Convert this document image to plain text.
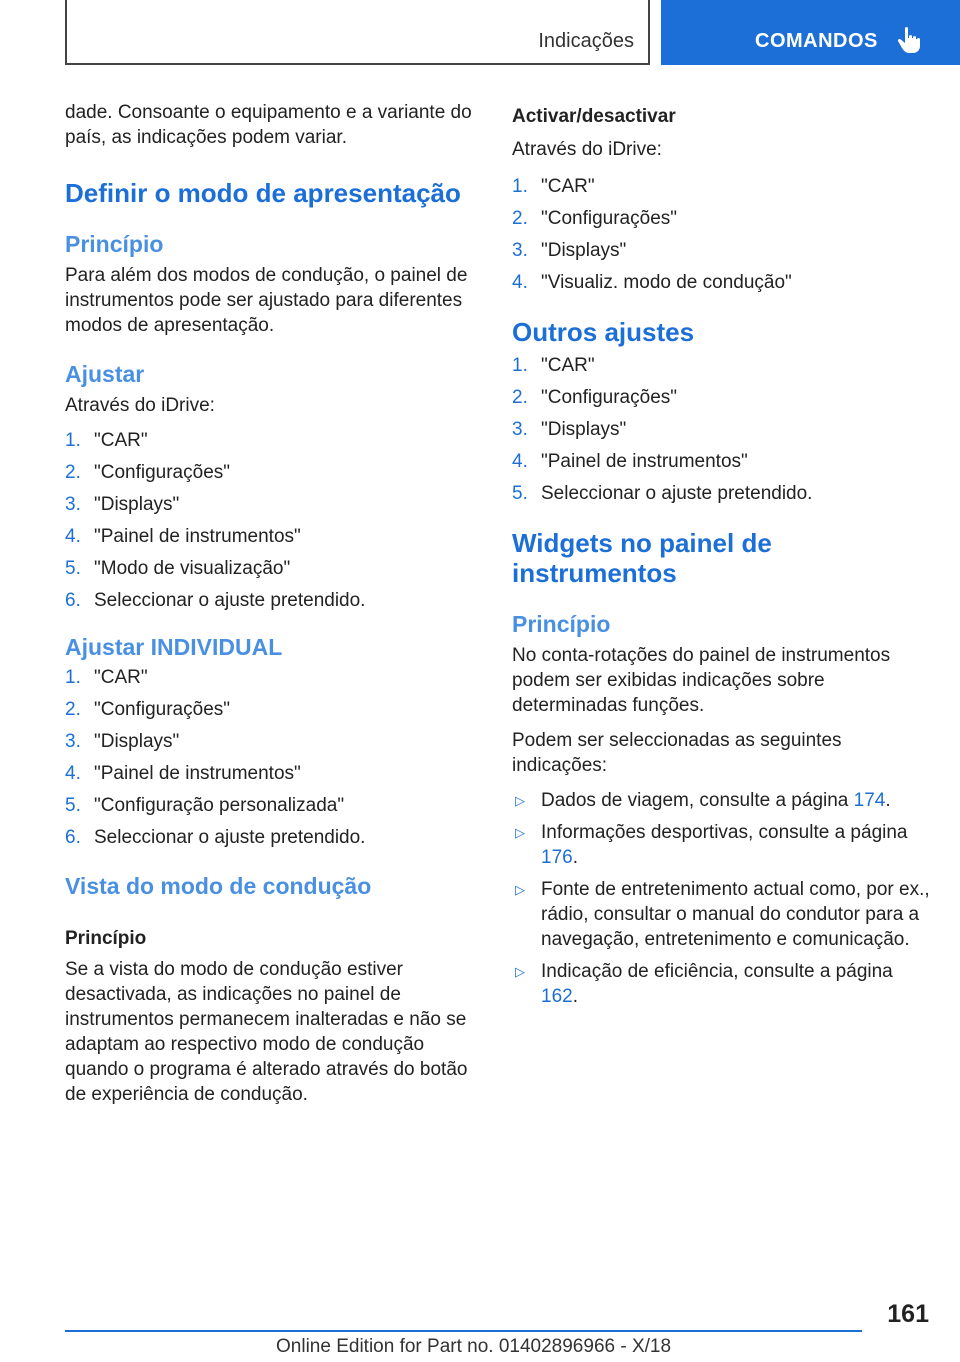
Indicações	COMANDOS

dade. Consoante o equipamento e a variante do país, as indicações podem variar.

Definir o modo de apresentação
Princípio

Para além dos modos de condução, o painel de instrumentos pode ser ajustado para diferentes modos de apresentação.

Ajustar

Através do iDrive:

1. "CAR"
2. "Configurações"
3. "Displays"
4. "Painel de instrumentos"
5. "Modo de visualização"
6. Seleccionar o ajuste pretendido.
Ajustar INDIVIDUAL
1. "CAR"
2. "Configurações"
3. "Displays"
4. "Painel de instrumentos"
5. "Configuração personalizada"
6. Seleccionar o ajuste pretendido.
Vista do modo de condução
Princípio

Se a vista do modo de condução estiver desactivada, as indicações no painel de instrumentos permanecem inalteradas e não se adaptam ao respectivo modo de condução quando o programa é alterado através do botão de experiência de condução.

Activar/desactivar

Através do iDrive:

1. "CAR"
2. "Configurações"
3. "Displays"
4. "Visualiz. modo de condução"
Outros ajustes
1. "CAR"
2. "Configurações"
3. "Displays"
4. "Painel de instrumentos"
5. Seleccionar o ajuste pretendido.
Widgets no painel de instrumentos
Princípio

No conta-rotações do painel de instrumentos podem ser exibidas indicações sobre determinadas funções.

Podem ser seleccionadas as seguintes indicações:

▷ Dados de viagem, consulte a página 174.
▷ Informações desportivas, consulte a página 176.
▷ Fonte de entretenimento actual como, por ex., rádio, consultar o manual do condutor para a navegação, entretenimento e comunicação.
▷ Indicação de eficiência, consulte a página 162.
161
Online Edition for Part no. 01402896966 - X/18
